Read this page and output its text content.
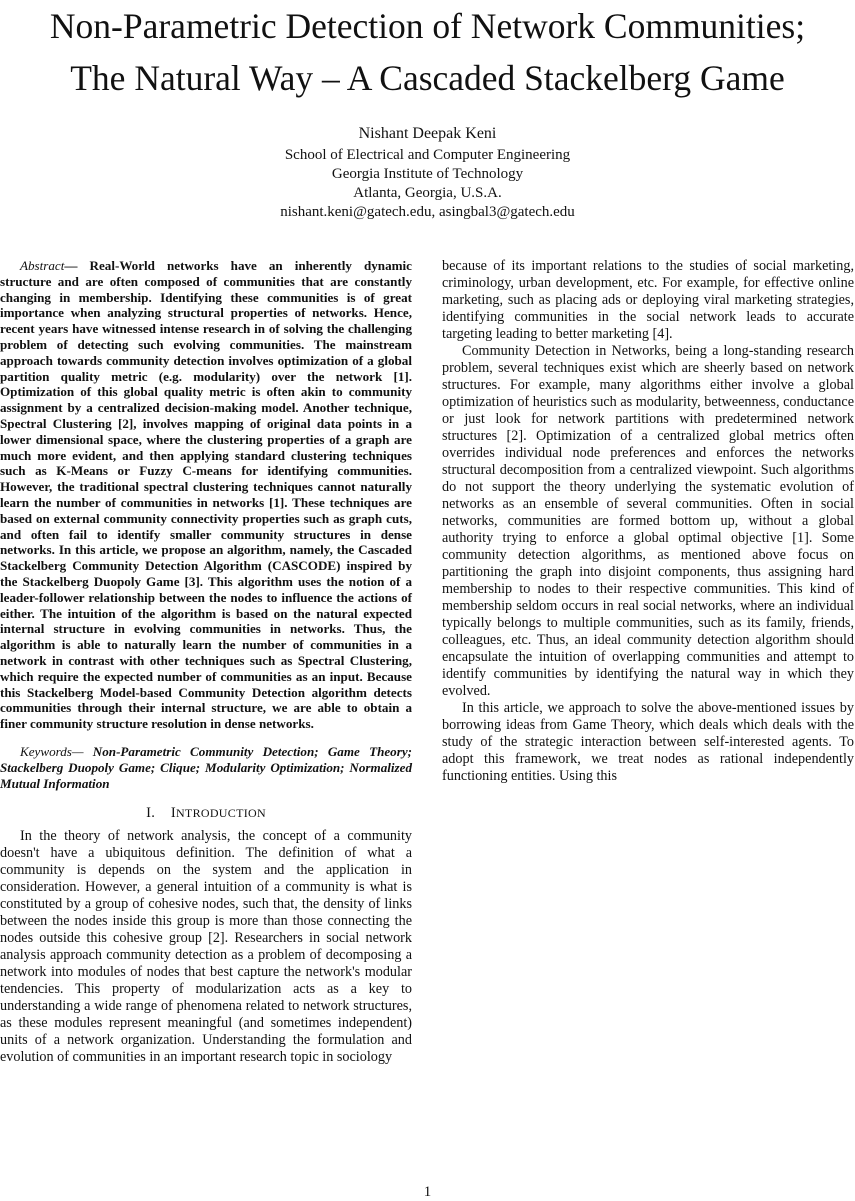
Non-Parametric Detection of Network Communities;
The Natural Way – A Cascaded Stackelberg Game
Nishant Deepak Keni
School of Electrical and Computer Engineering
Georgia Institute of Technology
Atlanta, Georgia, U.S.A.
nishant.keni@gatech.edu, asingbal3@gatech.edu

Abstract— Real-World networks have an inherently dynamic structure and are often composed of communities that are constantly changing in membership. Identifying these communities is of great importance when analyzing structural properties of networks. Hence, recent years have witnessed intense research in of solving the challenging problem of detecting such evolving communities. The mainstream approach towards community detection involves optimization of a global partition quality metric (e.g. modularity) over the network [1]. Optimization of this global quality metric is often akin to community assignment by a centralized decision-making model. Another technique, Spectral Clustering [2], involves mapping of original data points in a lower dimensional space, where the clustering properties of a graph are much more evident, and then applying standard clustering techniques such as K-Means or Fuzzy C-means for identifying communities. However, the traditional spectral clustering techniques cannot naturally learn the number of communities in networks [1]. These techniques are based on external community connectivity properties such as graph cuts, and often fail to identify smaller community structures in dense networks. In this article, we propose an algorithm, namely, the Cascaded Stackelberg Community Detection Algorithm (CASCODE) inspired by the Stackelberg Duopoly Game [3]. This algorithm uses the notion of a leader-follower relationship between the nodes to influence the actions of either. The intuition of the algorithm is based on the natural expected internal structure in evolving communities in networks. Thus, the algorithm is able to naturally learn the number of communities in a network in contrast with other techniques such as Spectral Clustering, which require the expected number of communities as an input. Because this Stackelberg Model-based Community Detection algorithm detects communities through their internal structure, we are able to obtain a finer community structure resolution in dense networks.

Keywords— Non-Parametric Community Detection; Game Theory; Stackelberg Duopoly Game; Clique; Modularity Optimization; Normalized Mutual Information

I. INTRODUCTION

In the theory of network analysis, the concept of a community doesn't have a ubiquitous definition. The definition of what a community is depends on the system and the application in consideration. However, a general intuition of a community is what is constituted by a group of cohesive nodes, such that, the density of links between the nodes inside this group is more than those connecting the nodes outside this cohesive group [2]. Researchers in social network analysis approach community detection as a problem of decomposing a network into modules of nodes that best capture the network's modular tendencies. This property of modularization acts as a key to understanding a wide range of phenomena related to network structures, as these modules represent meaningful (and sometimes independent) units of a network organization. Understanding the formulation and evolution of communities in an important research topic in sociology

because of its important relations to the studies of social marketing, criminology, urban development, etc. For example, for effective online marketing, such as placing ads or deploying viral marketing strategies, identifying communities in the social network leads to accurate targeting leading to better marketing [4].

Community Detection in Networks, being a long-standing research problem, several techniques exist which are sheerly based on network structures. For example, many algorithms either involve a global optimization of heuristics such as modularity, betweenness, conductance or just look for network partitions with predetermined network structures [2]. Optimization of a centralized global metrics often overrides individual node preferences and enforces the networks structural decomposition from a centralized viewpoint. Such algorithms do not support the theory underlying the systematic evolution of networks as an ensemble of several communities. Often in social networks, communities are formed bottom up, without a global authority trying to enforce a global optimal objective [1]. Some community detection algorithms, as mentioned above focus on partitioning the graph into disjoint components, thus assigning hard membership to nodes to their respective communities. This kind of membership seldom occurs in real social networks, where an individual typically belongs to multiple communities, such as its family, friends, colleagues, etc. Thus, an ideal community detection algorithm should encapsulate the intuition of overlapping communities and attempt to identify communities by identifying the natural way in which they evolved.

In this article, we approach to solve the above-mentioned issues by borrowing ideas from Game Theory, which deals which deals with the study of the strategic interaction between self-interested agents. To adopt this framework, we treat nodes as rational independently functioning entities. Using this

1
